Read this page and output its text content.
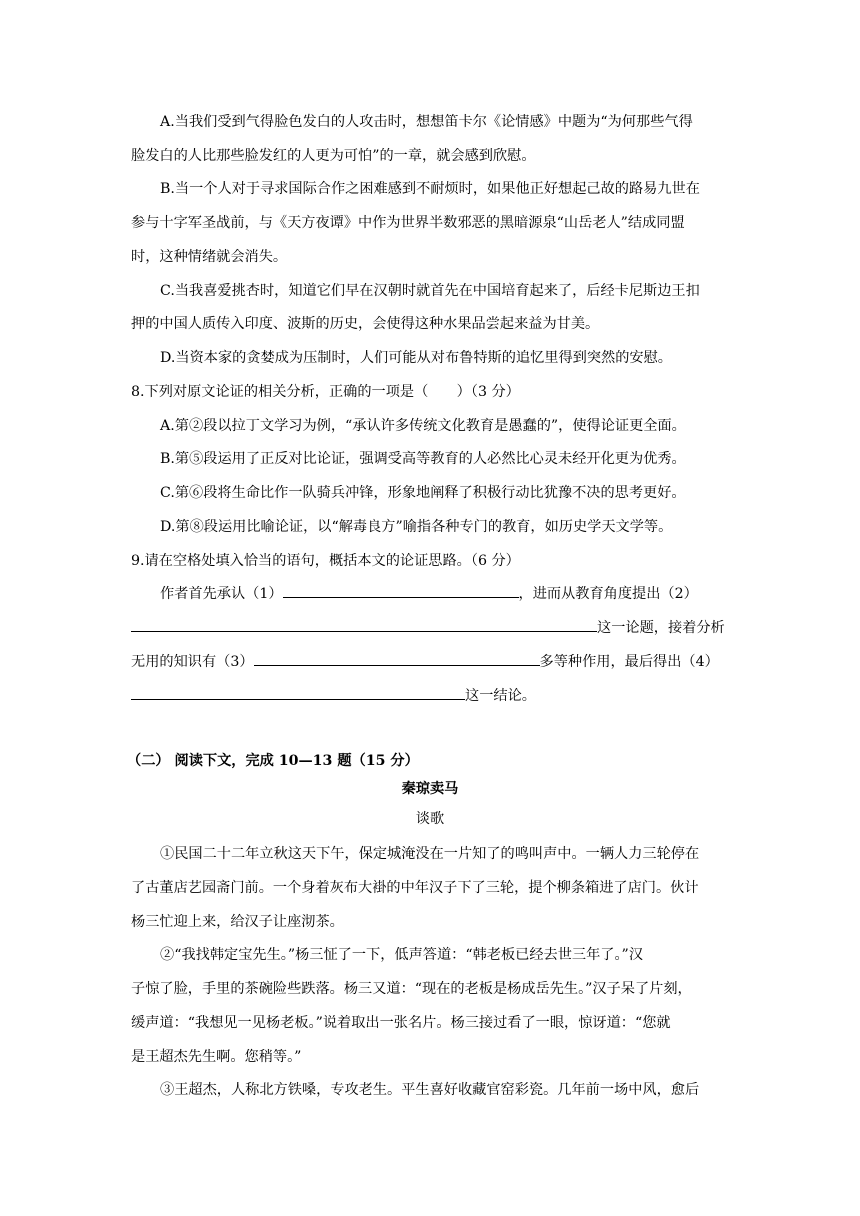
A.当我们受到气得脸色发白的人攻击时，想想笛卡尔《论情感》中题为“为何那些气得
脸发白的人比那些脸发红的人更为可怕”的一章，就会感到欣慰。
B.当一个人对于寻求国际合作之困难感到不耐烦时，如果他正好想起己故的路易九世在
参与十字军圣战前，与《天方夜谭》中作为世界半数邪恶的黑暗源泉“山岳老人”结成同盟
时，这种情绪就会消失。
C.当我喜爱挑杏时，知道它们早在汉朝时就首先在中国培育起来了，后经卡尼斯边王扣
押的中国人质传入印度、波斯的历史，会使得这种水果品尝起来益为甘美。
D.当资本家的贪婪成为压制时，人们可能从对布鲁特斯的追忆里得到突然的安慰。
8.下列对原文论证的相关分析，正确的一项是（　　）（3 分）
A.第②段以拉丁文学习为例，“承认许多传统文化教育是愚蠢的”，使得论证更全面。
B.第⑤段运用了正反对比论证，强调受高等教育的人必然比心灵未经开化更为优秀。
C.第⑥段将生命比作一队骑兵冲锋，形象地阐释了积极行动比犹豫不决的思考更好。
D.第⑧段运用比喻论证，以“解毒良方”喻指各种专门的教育，如历史学天文学等。
9.请在空格处填入恰当的语句，概括本文的论证思路。（6 分）
作者首先承认（1）	，进而从教育角度提出（2）
这一论题，接着分析
无用的知识有（3）	多等种作用，最后得出（4）
这一结论。
（二） 阅读下文，完成 10—13 题（15 分）
秦琼卖马
谈歌
①民国二十二年立秋这天下午，保定城淹没在一片知了的鸣叫声中。一辆人力三轮停在
了古董店艺园斋门前。一个身着灰布大褂的中年汉子下了三轮，提个柳条箱进了店门。伙计
杨三忙迎上来，给汉子让座沏茶。
②“我找韩定宝先生。”杨三怔了一下，低声答道：“韩老板已经去世三年了。”汉
子惊了脸，手里的茶碗险些跌落。杨三又道：“现在的老板是杨成岳先生。”汉子呆了片刻，
缓声道：“我想见一见杨老板。”说着取出一张名片。杨三接过看了一眼，惊讶道：“您就
是王超杰先生啊。您稍等。”
③王超杰，人称北方铁嗓，专攻老生。平生喜好收藏官窑彩瓷。几年前一场中风，愈后
